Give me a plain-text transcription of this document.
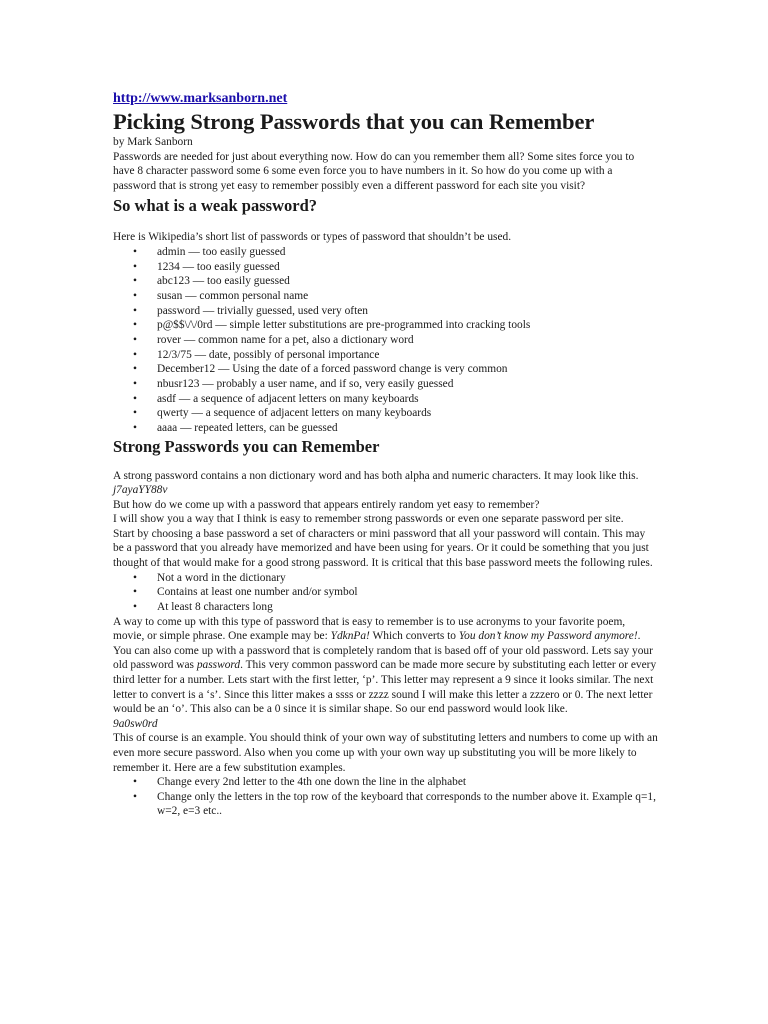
http://www.marksanborn.net
Picking Strong Passwords that you can Remember

by Mark Sanborn

Passwords are needed for just about everything now. How do can you remember them all? Some sites force you to have 8 character password some 6 some even force you to have numbers in it. So how do you come up with a password that is strong yet easy to remember possibly even a different password for each site you visit?

So what is a weak password?

Here is Wikipedia’s short list of passwords or types of password that shouldn’t be used.

• admin — too easily guessed
• 1234 — too easily guessed
• abc123 — too easily guessed
• susan — common personal name
• password — trivially guessed, used very often
• p@$$\/\/0rd — simple letter substitutions are pre-programmed into cracking tools
• rover — common name for a pet, also a dictionary word
• 12/3/75 — date, possibly of personal importance
• December12 — Using the date of a forced password change is very common
• nbusr123 — probably a user name, and if so, very easily guessed
• asdf — a sequence of adjacent letters on many keyboards
• qwerty — a sequence of adjacent letters on many keyboards
• aaaa — repeated letters, can be guessed
Strong Passwords you can Remember

A strong password contains a non dictionary word and has both alpha and numeric characters. It may look like this.

j7ayaYY88v

But how do we come up with a password that appears entirely random yet easy to remember?

I will show you a way that I think is easy to remember strong passwords or even one separate password per site.

Start by choosing a base password a set of characters or mini password that all your password will contain. This may be a password that you already have memorized and have been using for years. Or it could be something that you just thought of that would make for a good strong password. It is critical that this base password meets the following rules.

• Not a word in the dictionary
• Contains at least one number and/or symbol
• At least 8 characters long

A way to come up with this type of password that is easy to remember is to use acronyms to your favorite poem, movie, or simple phrase. One example may be: YdknPa! Which converts to You don’t know my Password anymore!.

You can also come up with a password that is completely random that is based off of your old password. Lets say your old password was password. This very common password can be made more secure by substituting each letter or every third letter for a number. Lets start with the first letter, ‘p’. This letter may represent a 9 since it looks similar. The next letter to convert is a ‘s’. Since this litter makes a ssss or zzzz sound I will make this letter a zzzero or 0. The next letter would be an ‘o’. This also can be a 0 since it is similar shape. So our end password would look like.

9a0sw0rd

This of course is an example. You should think of your own way of substituting letters and numbers to come up with an even more secure password. Also when you come up with your own way up substituting you will be more likely to remember it. Here are a few substitution examples.

• Change every 2nd letter to the 4th one down the line in the alphabet
• Change only the letters in the top row of the keyboard that corresponds to the number above it. Example q=1, w=2, e=3 etc..
